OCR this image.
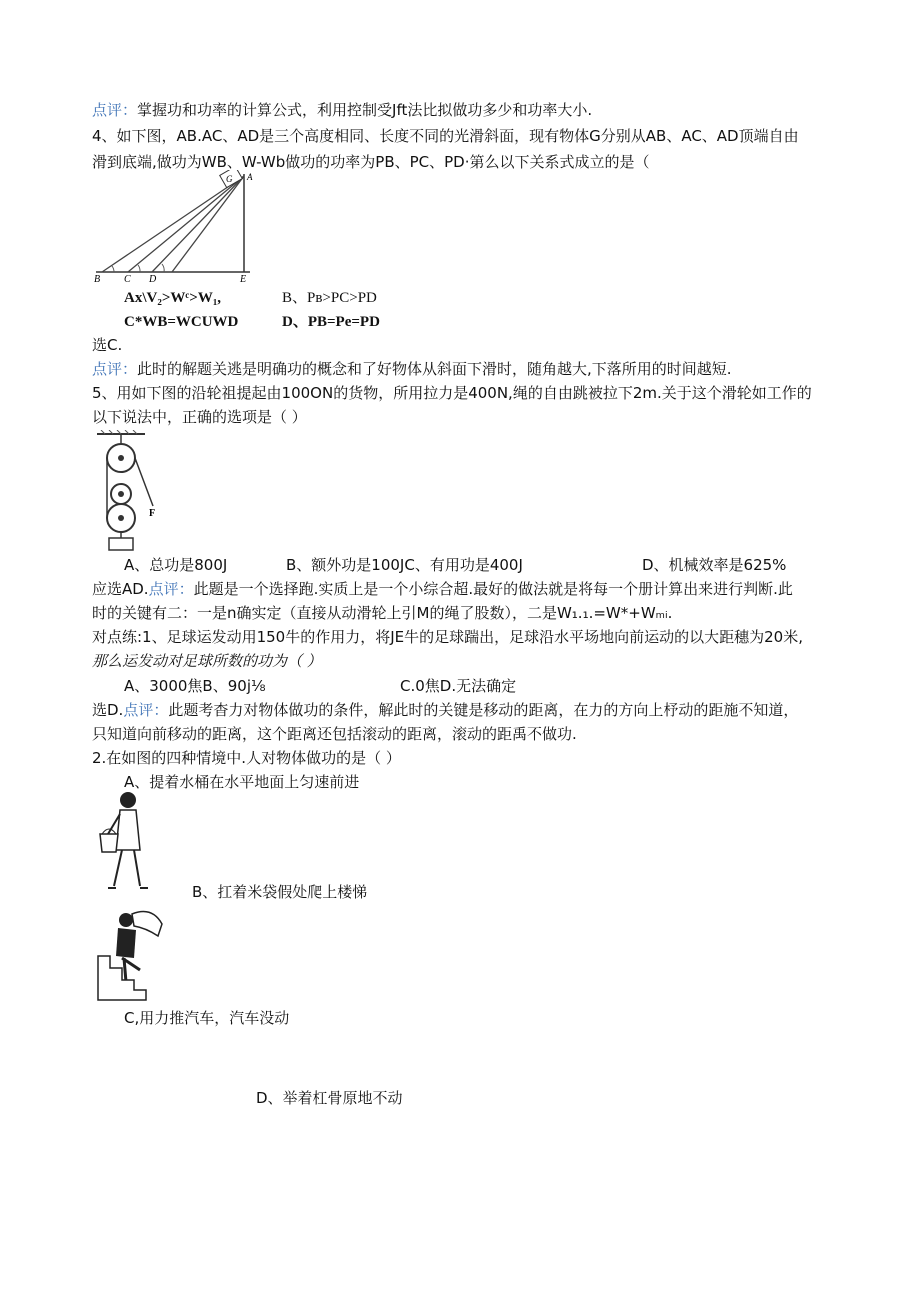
点评：掌握功和功率的计算公式，利用控制受Jft法比拟做功多少和功率大小.
4、如下图，AB.AC、AD是三个高度相同、长度不同的光滑斜面，现有物体G分别从AB、AC、AD顶端自由
滑到底端,做功为WB、W-Wb做功的功率为PB、PC、PD·第么以下关系式成立的是（
G A
B C D	E
Ax\V₂>Wᶜ>W₁,	B、Pʙ>PC>PD
C*WB=WCUWD	D、PB=Pe=PD
选C.
点评：此时的解题关逃是明确功的概念和了好物体从斜面下滑时，随角越大,下落所用的时间越短.
5、用如下图的沿轮祖提起由100ON的货物，所用拉力是400N,绳的自由跳被拉下2m.关于这个滑轮如工作的
以下说法中，正确的选项是（ ）
F
A、总功是800J	B、额外功是100JC、有用功是400J	D、机械效率是625%
应选AD.点评：此题是一个选择跑.实质上是一个小综合超.最好的做法就是将每一个册计算出来进行判断.此
时的关键有二：一是n确实定（直接从动滑轮上引M的绳了股数），二是W₁.₁.=W*+Wₘᵢ.
对点练:1、足球运发动用150牛的作用力，将JE牛的足球踹出，足球沿水平场地向前运动的以大距穗为20米,
那么运发动对足球所数的功为（ ）
A、3000焦B、90j⅛	C.0焦D.无法确定
选D.点评：此题考杳力对物体做功的条件，解此时的关键是移动的距离，在力的方向上杼动的距施不知道，
只知道向前移动的距离，这个距离还包括滚动的距离，滚动的距禹不做功.
2.在如图的四种情境中.人对物体做功的是（ ）
A、提着水桶在水平地面上匀速前进
B、扛着米袋假处爬上楼悌
C,用力推汽车，汽车没动
D、举着杠骨原地不动
